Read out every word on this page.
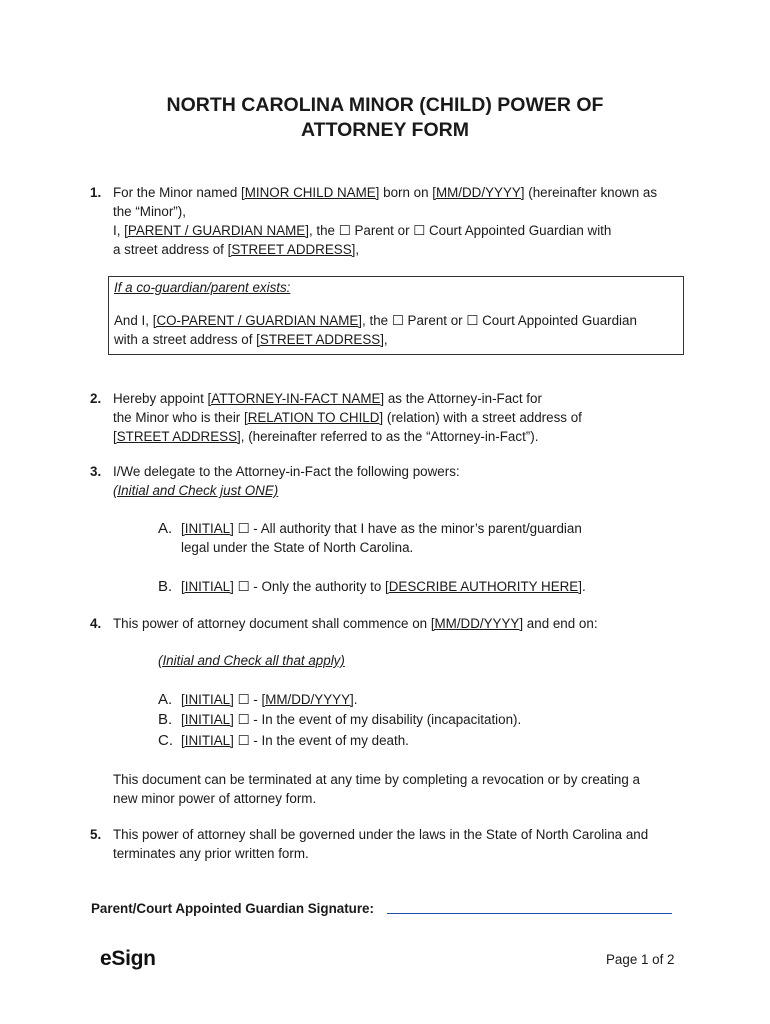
NORTH CAROLINA MINOR (CHILD) POWER OF
ATTORNEY FORM
1. For the Minor named [MINOR CHILD NAME] born on [MM/DD/YYYY] (hereinafter known as
the “Minor”),
I, [PARENT / GUARDIAN NAME], the ☐ Parent or ☐ Court Appointed Guardian with
a street address of [STREET ADDRESS],
If a co-guardian/parent exists:
And I, [CO-PARENT / GUARDIAN NAME], the ☐ Parent or ☐ Court Appointed Guardian
with a street address of [STREET ADDRESS],
2. Hereby appoint [ATTORNEY-IN-FACT NAME] as the Attorney-in-Fact for
the Minor who is their [RELATION TO CHILD] (relation) with a street address of
[STREET ADDRESS], (hereinafter referred to as the “Attorney-in-Fact”).
3. I/We delegate to the Attorney-in-Fact the following powers:
(Initial and Check just ONE)
A. [INITIAL] ☐ - All authority that I have as the minor’s parent/guardian
legal under the State of North Carolina.
B. [INITIAL] ☐ - Only the authority to [DESCRIBE AUTHORITY HERE].
4. This power of attorney document shall commence on [MM/DD/YYYY] and end on:
(Initial and Check all that apply)
A. [INITIAL] ☐ - [MM/DD/YYYY].
B. [INITIAL] ☐ - In the event of my disability (incapacitation).
C. [INITIAL] ☐ - In the event of my death.
This document can be terminated at any time by completing a revocation or by creating a
new minor power of attorney form.
5. This power of attorney shall be governed under the laws in the State of North Carolina and
terminates any prior written form.
Parent/Court Appointed Guardian Signature:
eSign	Page 1 of 2
